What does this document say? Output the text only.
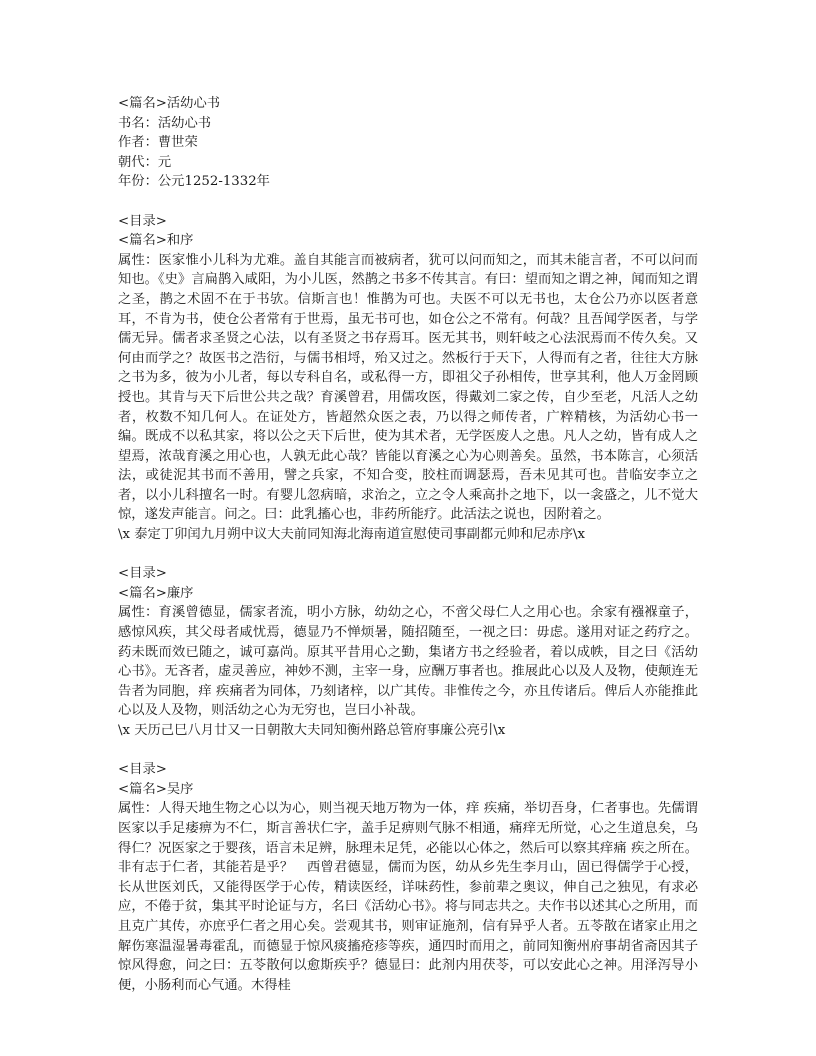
<篇名>活幼心书
书名：活幼心书
作者：曹世荣
朝代：元
年份：公元1252-1332年
<目录>
<篇名>和序
属性：医家惟小儿科为尤难。盖自其能言而被病者，犹可以问而知之，而其未能言者，不可以问而知也。《史》言扁鹊入咸阳，为小儿医，然鹊之书多不传其言。有曰：望而知之谓之神，闻而知之谓之圣，鹊之术固不在于书欤。信斯言也！惟鹊为可也。夫医不可以无书也，太仓公乃亦以医者意耳，不肯为书，使仓公者常有于世焉，虽无书可也，如仓公之不常有。何哉？且吾闻学医者，与学儒无异。儒者求圣贤之心法，以有圣贤之书存焉耳。医无其书，则轩岐之心法泯焉而不传久矣。又何由而学之？故医书之浩衍，与儒书相埒，殆又过之。然板行于天下，人得而有之者，往往大方脉之书为多，彼为小儿者，每以专科自名，或私得一方，即祖父子孙相传，世享其利，他人万金罔顾授也。其肯与天下后世公共之哉？育溪曾君，用儒攻医，得戴刘二家之传，自少至老，凡活人之幼者，枚数不知几何人。在证处方，皆超然众医之表，乃以得之师传者，广粹精核，为活幼心书一编。既成不以私其家，将以公之天下后世，使为其术者，无学医废人之患。凡人之幼，皆有成人之望焉，浓哉育溪之用心也，人孰无此心哉？皆能以育溪之心为心则善矣。虽然，书本陈言，心须活法，或徒泥其书而不善用，譬之兵家，不知合变，胶柱而调瑟焉，吾未见其可也。昔临安李立之者，以小儿科擅名一时。有婴儿忽病暗，求治之，立之令人乘高扑之地下，以一衾盛之，儿不觉大惊，遂发声能言。问之。曰：此乳搐心也，非药所能疗。此活法之说也，因附着之。
\x 泰定丁卯闰九月朔中议大夫前同知海北海南道宣慰使司事副都元帅和尼赤序\x
<目录>
<篇名>廉序
属性：育溪曾德显，儒家者流，明小方脉，幼幼之心，不啻父母仁人之用心也。余家有襁褓童子，感惊风疾，其父母者咸忧焉，德显乃不惮烦暑，随招随至，一视之曰：毋虑。遂用对证之药疗之。药未既而效已随之，诚可嘉尚。原其平昔用心之勤，集诸方书之经验者，着以成帙，目之曰《活幼心书》。无吝者，虚灵善应，神妙不测，主宰一身，应酬万事者也。推展此心以及人及物，使颠连无告者为同胞，痒 疾痛者为同体，乃刻诸梓，以广其传。非惟传之今，亦且传诸后。俾后人亦能推此心以及人及物，则活幼之心为无穷也，岂曰小补哉。
\x 天历己巳八月廿又一日朝散大夫同知衡州路总管府事廉公亮引\x
<目录>
<篇名>吴序
属性：人得天地生物之心以为心，则当视天地万物为一体，痒 疾痛，举切吾身，仁者事也。先儒谓医家以手足痿痹为不仁，斯言善状仁字，盖手足痹则气脉不相通，痛痒无所觉，心之生道息矣，乌得仁？况医家之于婴孩，语言未足辨，脉理未足凭，必能以心体之，然后可以察其痒痛 疾之所在。非有志于仁者，其能若是乎？　西曾君德显，儒而为医，幼从乡先生李月山，固已得儒学于心授，长从世医刘氏，又能得医学于心传，精读医经，详味药性，参前辈之奥议，伸自己之独见，有求必应，不倦于贫，集其平时论证与方，名曰《活幼心书》。将与同志共之。夫作书以述其心之所用，而且克广其传，亦庶乎仁者之用心矣。尝观其书，则审证施剂，信有异乎人者。五苓散在诸家止用之解伤寒温湿暑毒霍乱，而德显于惊风痰搐疮疹等疾，通四时而用之，前同知衡州府事胡省斋因其子惊风得愈，问之曰：五苓散何以愈斯疾乎？德显曰：此剂内用茯苓，可以安此心之神。用泽泻导小便，小肠利而心气通。木得桂
